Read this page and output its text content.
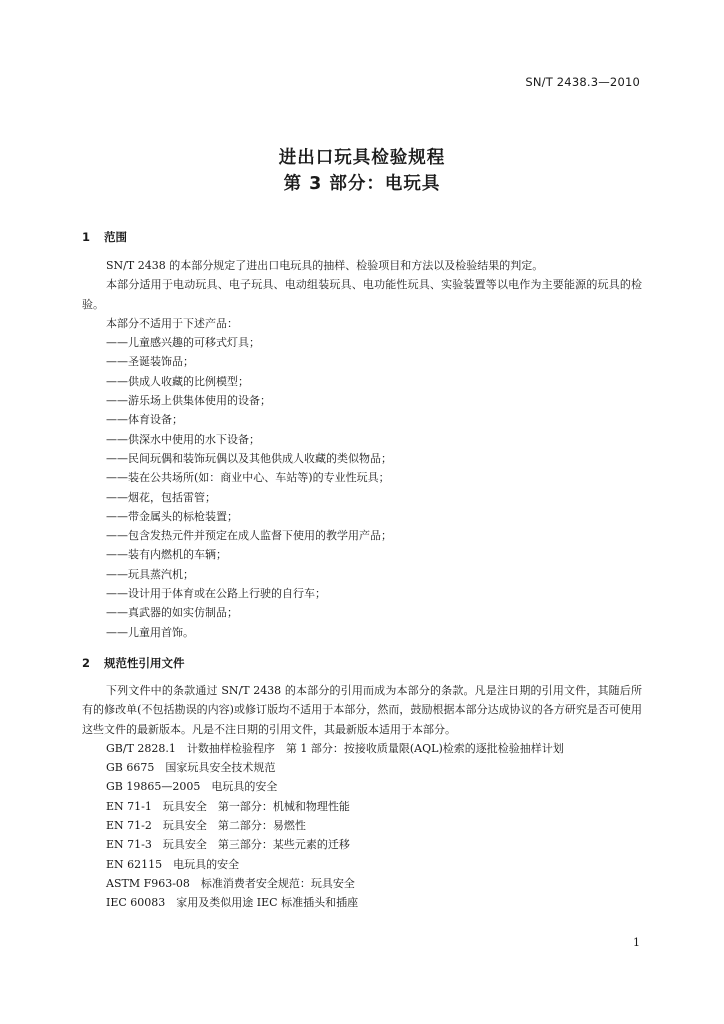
SN/T 2438.3—2010
进出口玩具检验规程
第 3 部分：电玩具
1 范围

SN/T 2438 的本部分规定了进出口电玩具的抽样、检验项目和方法以及检验结果的判定。

本部分适用于电动玩具、电子玩具、电动组装玩具、电功能性玩具、实验装置等以电作为主要能源的玩具的检验。

本部分不适用于下述产品：

——儿童感兴趣的可移式灯具；

——圣诞装饰品；

——供成人收藏的比例模型；

——游乐场上供集体使用的设备；

——体育设备；

——供深水中使用的水下设备；

——民间玩偶和装饰玩偶以及其他供成人收藏的类似物品；

——装在公共场所(如：商业中心、车站等)的专业性玩具；

——烟花，包括雷管；

——带金属头的标枪装置；

——包含发热元件并预定在成人监督下使用的教学用产品；

——装有内燃机的车辆；

——玩具蒸汽机；

——设计用于体育或在公路上行驶的自行车；

——真武器的如实仿制品；

——儿童用首饰。

2 规范性引用文件

下列文件中的条款通过 SN/T 2438 的本部分的引用而成为本部分的条款。凡是注日期的引用文件，其随后所有的修改单(不包括勘误的内容)或修订版均不适用于本部分，然而，鼓励根据本部分达成协议的各方研究是否可使用这些文件的最新版本。凡是不注日期的引用文件，其最新版本适用于本部分。

GB/T 2828.1　计数抽样检验程序　第 1 部分：按接收质量限(AQL)检索的逐批检验抽样计划

GB 6675　国家玩具安全技术规范

GB 19865—2005　电玩具的安全

EN 71-1　玩具安全　第一部分：机械和物理性能

EN 71-2　玩具安全　第二部分：易燃性

EN 71-3　玩具安全　第三部分：某些元素的迁移

EN 62115　电玩具的安全

ASTM F963-08　标准消费者安全规范：玩具安全

IEC 60083　家用及类似用途 IEC 标准插头和插座

1
